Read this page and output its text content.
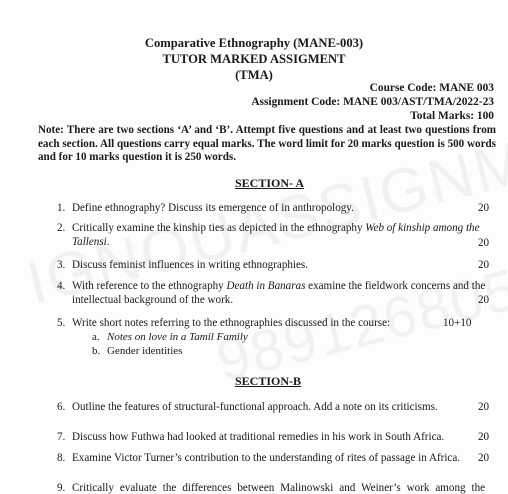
Comparative Ethnography (MANE-003)
TUTOR MARKED ASSIGMENT
(TMA)
Course Code: MANE 003
Assignment Code: MANE 003/AST/TMA/2022-23
Total Marks: 100
Note: There are two sections ‘A’ and ‘B’. Attempt five questions and at least two questions from each section. All questions carry equal marks. The word limit for 20 marks question is 500 words and for 10 marks question it is 250 words.
SECTION- A
1. Define ethnography? Discuss its emergence of in anthropology.	20
2. Critically examine the kinship ties as depicted in the ethnography Web of kinship among the
Tallensi.	20
3. Discuss feminist influences in writing ethnographies.	20
4. With reference to the ethnography Death in Banaras examine the fieldwork concerns and the
intellectual background of the work.	20
5. Write short notes referring to the ethnographies discussed in the course:	10+10
a. Notes on love in a Tamil Family
b. Gender identities
SECTION-B
6. Outline the features of structural-functional approach. Add a note on its criticisms.	20
7. Discuss how Futhwa had looked at traditional remedies in his work in South Africa.	20
8. Examine Victor Turner’s contribution to the understanding of rites of passage in Africa. 20
9. Critically evaluate the differences between Malinowski and Weiner’s work among the
